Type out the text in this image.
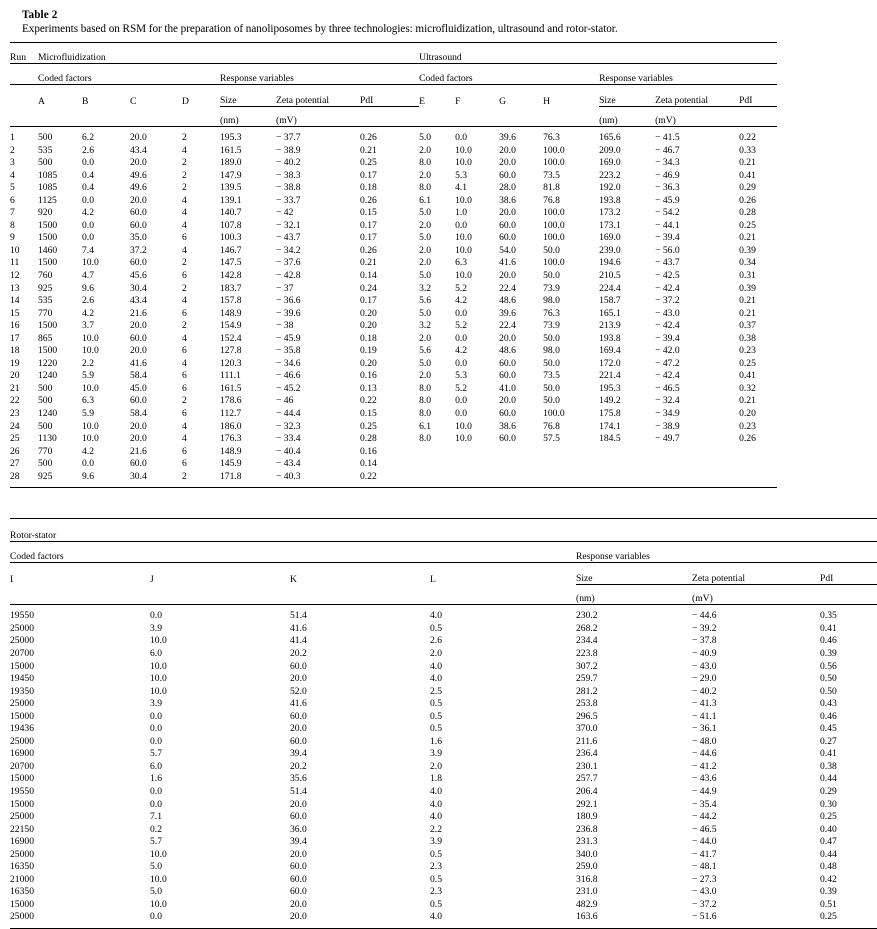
Table 2
Experiments based on RSM for the preparation of nanoliposomes by three technologies: microfluidization, ultrasound and rotor-stator.
Run	Microfluidization							Ultrasound						
	Coded factors				Response variables			Coded factors				Response variables		
	A	B	C	D	Size	Zeta potential	PdI	E	F	G	H	Size	Zeta potential	PdI
					(nm)	(mV)						(nm)	(mV)	
1	500	6.2	20.0	2	195.3	− 37.7	0.26	5.0	0.0	39.6	76.3	165.6	− 41.5	0.22
2	535	2.6	43.4	4	161.5	− 38.9	0.21	2.0	10.0	20.0	100.0	209.0	− 46.7	0.33
3	500	0.0	20.0	2	189.0	− 40.2	0.25	8.0	10.0	20.0	100.0	169.0	− 34.3	0.21
4	1085	0.4	49.6	2	147.9	− 38.3	0.17	2.0	5.3	60.0	73.5	223.2	− 46.9	0.41
5	1085	0.4	49.6	2	139.5	− 38.8	0.18	8.0	4.1	28.0	81.8	192.0	− 36.3	0.29
6	1125	0.0	20.0	4	139.1	− 33.7	0.26	6.1	10.0	38.6	76.8	193.8	− 45.9	0.26
7	920	4.2	60.0	4	140.7	− 42	0.15	5.0	1.0	20.0	100.0	173.2	− 54.2	0.28
8	1500	0.0	60.0	4	107.8	− 32.1	0.17	2.0	0.0	60.0	100.0	173.1	− 44.1	0.25
9	1500	0.0	35.0	6	100.3	− 43.7	0.17	5.0	10.0	60.0	100.0	169.0	− 39.4	0.21
10	1460	7.4	37.2	4	146.7	− 34.2	0.26	2.0	10.0	54.0	50.0	239.0	− 56.0	0.39
11	1500	10.0	60.0	2	147.5	− 37.6	0.21	2.0	6.3	41.6	100.0	194.6	− 43.7	0.34
12	760	4.7	45.6	6	142.8	− 42.8	0.14	5.0	10.0	20.0	50.0	210.5	− 42.5	0.31
13	925	9.6	30.4	2	183.7	− 37	0.24	3.2	5.2	22.4	73.9	224.4	− 42.4	0.39
14	535	2.6	43.4	4	157.8	− 36.6	0.17	5.6	4.2	48.6	98.0	158.7	− 37.2	0.21
15	770	4.2	21.6	6	148.9	− 39.6	0.20	5.0	0.0	39.6	76.3	165.1	− 43.0	0.21
16	1500	3.7	20.0	2	154.9	− 38	0.20	3.2	5.2	22.4	73.9	213.9	− 42.4	0.37
17	865	10.0	60.0	4	152.4	− 45.9	0.18	2.0	0.0	20.0	50.0	193.8	− 39.4	0.38
18	1500	10.0	20.0	6	127.8	− 35.8	0.19	5.6	4.2	48.6	98.0	169.4	− 42.0	0.23
19	1220	2.2	41.6	4	120.3	− 34.6	0.20	5.0	0.0	60.0	50.0	172.0	− 47.2	0.25
20	1240	5.9	58.4	6	111.1	− 46.6	0.16	2.0	5.3	60.0	73.5	221.4	− 42.4	0.41
21	500	10.0	45.0	6	161.5	− 45.2	0.13	8.0	5.2	41.0	50.0	195.3	− 46.5	0.32
22	500	6.3	60.0	2	178.6	− 46	0.22	8.0	0.0	20.0	50.0	149.2	− 32.4	0.21
23	1240	5.9	58.4	6	112.7	− 44.4	0.15	8.0	0.0	60.0	100.0	175.8	− 34.9	0.20
24	500	10.0	20.0	4	186.0	− 32.3	0.25	6.1	10.0	38.6	76.8	174.1	− 38.9	0.23
25	1130	10.0	20.0	4	176.3	− 33.4	0.28	8.0	10.0	60.0	57.5	184.5	− 49.7	0.26
26	770	4.2	21.6	6	148.9	− 40.4	0.16							
27	500	0.0	60.0	6	145.9	− 43.4	0.14							
28	925	9.6	30.4	2	171.8	− 40.3	0.22							
Rotor-stator						
Coded factors				Response variables		
I	J	K	L	Size	Zeta potential	PdI
				(nm)	(mV)	
19550	0.0	51.4	4.0	230.2	− 44.6	0.35
25000	3.9	41.6	0.5	268.2	− 39.2	0.41
25000	10.0	41.4	2.6	234.4	− 37.8	0.46
20700	6.0	20.2	2.0	223.8	− 40.9	0.39
15000	10.0	60.0	4.0	307.2	− 43.0	0.56
19450	10.0	20.0	4.0	259.7	− 29.0	0.50
19350	10.0	52.0	2.5	281.2	− 40.2	0.50
25000	3.9	41.6	0.5	253.8	− 41.3	0.43
15000	0.0	60.0	0.5	296.5	− 41.1	0.46
19436	0.0	20.0	0.5	370.0	− 36.1	0.45
25000	0.0	60.0	1.6	211.6	− 48.0	0.27
16900	5.7	39.4	3.9	236.4	− 44.6	0.41
20700	6.0	20.2	2.0	230.1	− 41.2	0.38
15000	1.6	35.6	1.8	257.7	− 43.6	0.44
19550	0.0	51.4	4.0	206.4	− 44.9	0.29
15000	0.0	20.0	4.0	292.1	− 35.4	0.30
25000	7.1	60.0	4.0	180.9	− 44.2	0.25
22150	0.2	36.0	2.2	236.8	− 46.5	0.40
16900	5.7	39.4	3.9	231.3	− 44.0	0.47
25000	10.0	20.0	0.5	340.0	− 41.7	0.44
16350	5.0	60.0	2.3	259.0	− 48.1	0.48
21000	10.0	60.0	0.5	316.8	− 27.3	0.42
16350	5.0	60.0	2.3	231.0	− 43.0	0.39
15000	10.0	20.0	0.5	482.9	− 37.2	0.51
25000	0.0	20.0	4.0	163.6	− 51.6	0.25
